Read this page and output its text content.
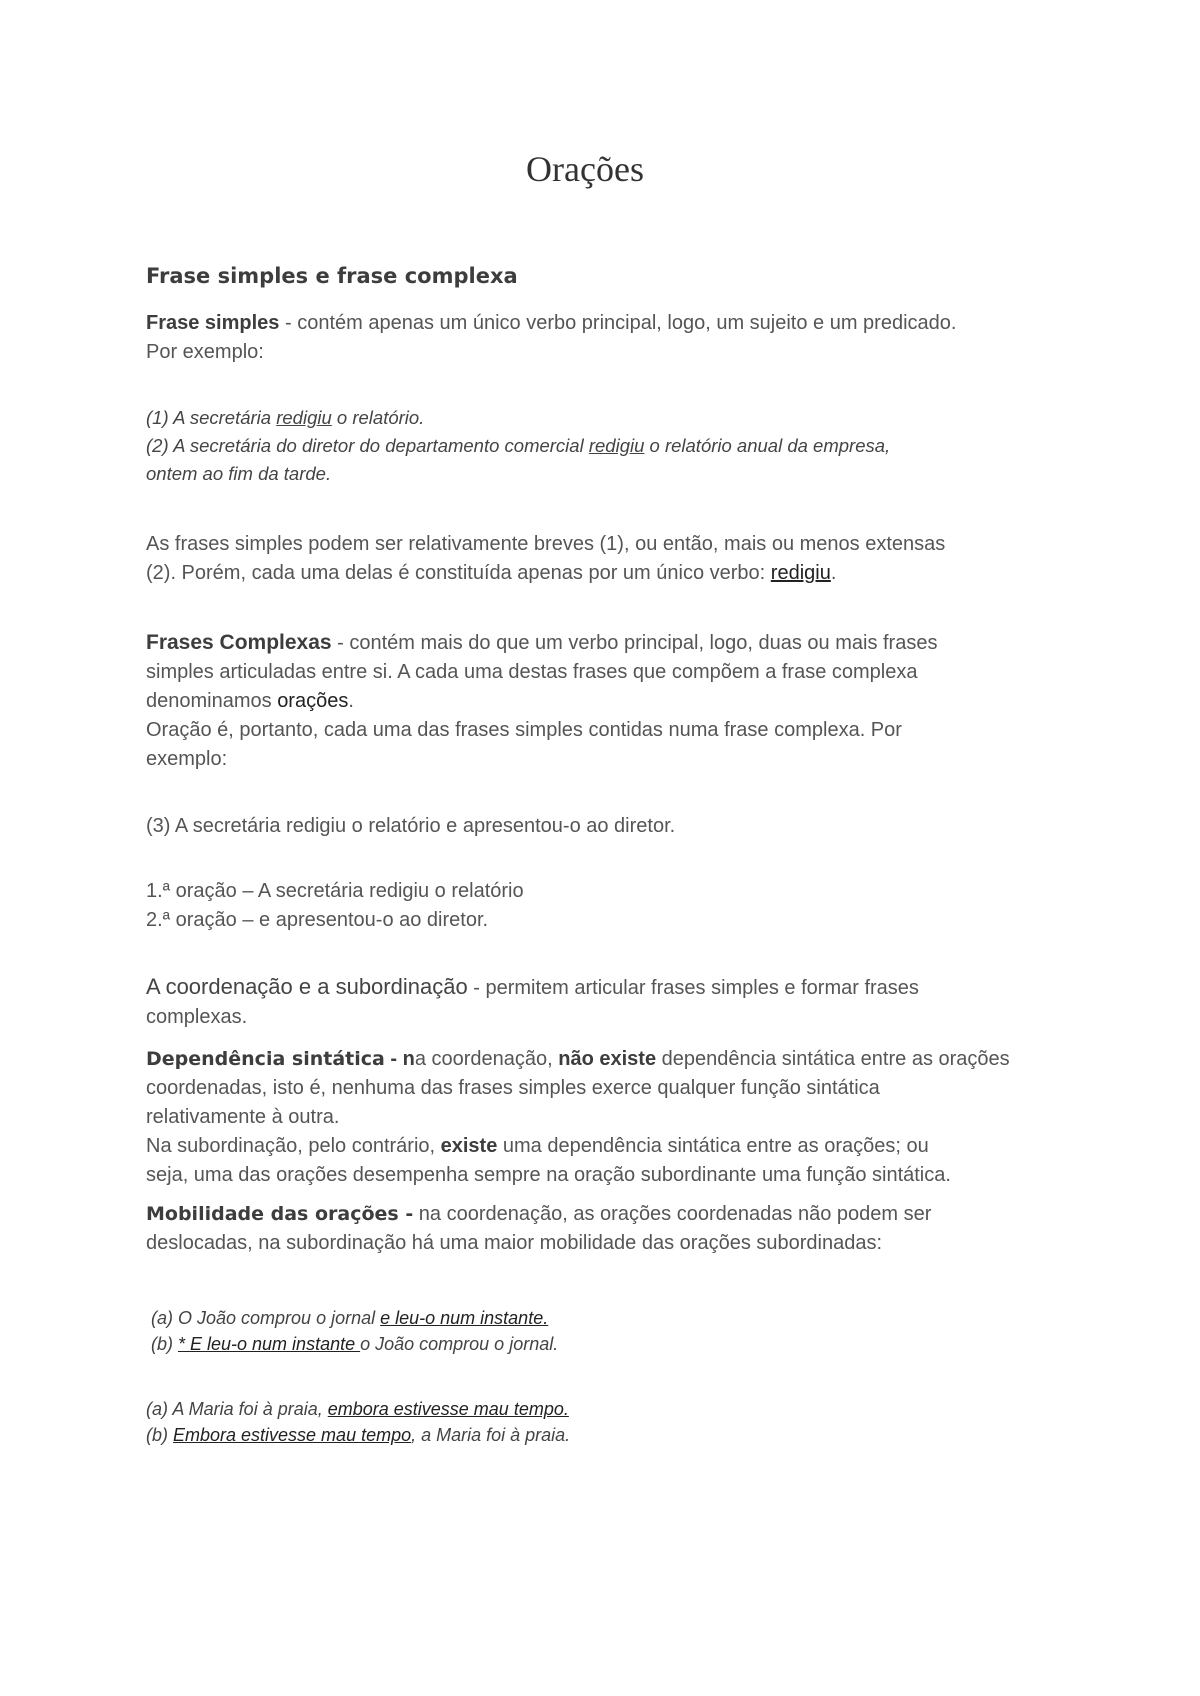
Orações
Frase simples e frase complexa
Frase simples - contém apenas um único verbo principal, logo, um sujeito e um predicado.
Por exemplo:
(1) A secretária redigiu o relatório.
(2) A secretária do diretor do departamento comercial redigiu o relatório anual da empresa,
ontem ao fim da tarde.
As frases simples podem ser relativamente breves (1), ou então, mais ou menos extensas
(2). Porém, cada uma delas é constituída apenas por um único verbo: redigiu.
Frases Complexas - contém mais do que um verbo principal, logo, duas ou mais frases
simples articuladas entre si. A cada uma destas frases que compõem a frase complexa
denominamos orações.
Oração é, portanto, cada uma das frases simples contidas numa frase complexa. Por
exemplo:
(3) A secretária redigiu o relatório e apresentou-o ao diretor.
1.ª oração – A secretária redigiu o relatório
2.ª oração – e apresentou-o ao diretor.
A coordenação e a subordinação - permitem articular frases simples e formar frases
complexas.
Dependência sintática - na coordenação, não existe dependência sintática entre as orações
coordenadas, isto é, nenhuma das frases simples exerce qualquer função sintática
relativamente à outra.
Na subordinação, pelo contrário, existe uma dependência sintática entre as orações; ou
seja, uma das orações desempenha sempre na oração subordinante uma função sintática.
Mobilidade das orações - na coordenação, as orações coordenadas não podem ser
deslocadas, na subordinação há uma maior mobilidade das orações subordinadas:
(a) O João comprou o jornal e leu-o num instante.
(b) * E leu-o num instante o João comprou o jornal.
(a) A Maria foi à praia, embora estivesse mau tempo.
(b) Embora estivesse mau tempo, a Maria foi à praia.
